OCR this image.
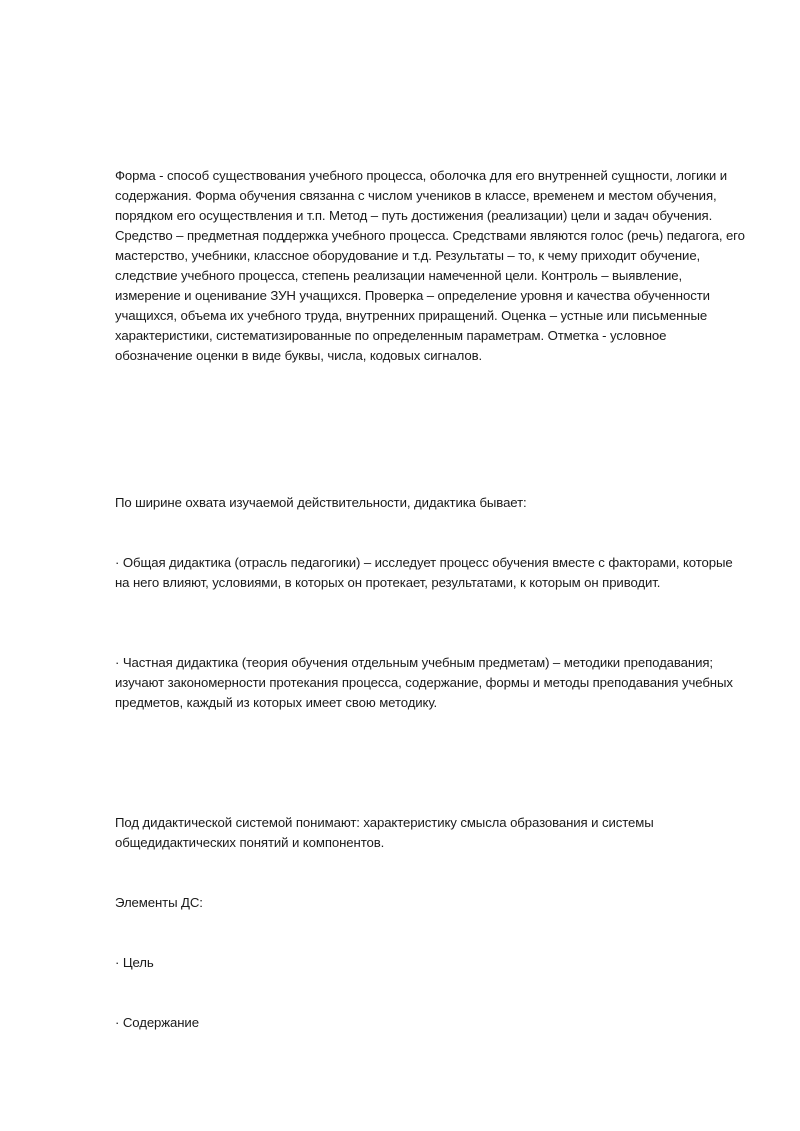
Форма - способ существования учебного процесса, оболочка для его внутренней сущности, логики и содержания. Форма обучения связанна с числом учеников в классе, временем и местом обучения, порядком его осуществления и т.п. Метод – путь достижения (реализации) цели и задач обучения. Средство – предметная поддержка учебного процесса. Средствами являются голос (речь) педагога, его мастерство, учебники, классное оборудование и т.д. Результаты – то, к чему приходит обучение, следствие учебного процесса, степень реализации намеченной цели. Контроль – выявление, измерение и оценивание ЗУН учащихся. Проверка – определение уровня и качества обученности учащихся, объема их учебного труда, внутренних приращений. Оценка – устные или письменные характеристики, систематизированные по определенным параметрам. Отметка - условное обозначение оценки в виде буквы, числа, кодовых сигналов.

По ширине охвата изучаемой действительности, дидактика бывает:

· Общая дидактика (отрасль педагогики) – исследует процесс обучения вместе с факторами, которые на него влияют, условиями, в которых он протекает, результатами, к которым он приводит.

· Частная дидактика (теория обучения отдельным учебным предметам) – методики преподавания; изучают закономерности протекания процесса, содержание, формы и методы преподавания учебных предметов, каждый из которых имеет свою методику.

Под дидактической системой понимают: характеристику смысла образования и системы общедидактических понятий и компонентов.

Элементы ДС:

· Цель

· Содержание
